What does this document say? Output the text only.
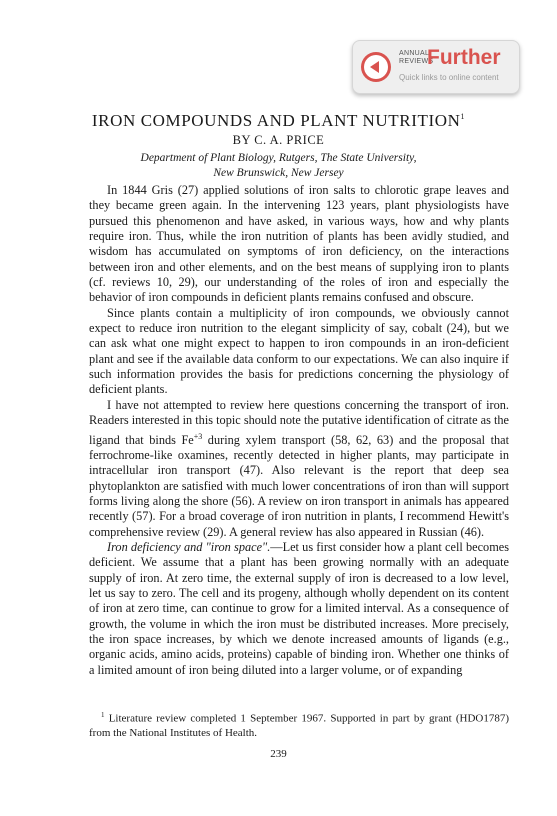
ANNUAL
REVIEWS
Further
Quick links to online content
IRON COMPOUNDS AND PLANT NUTRITION$^1$
BY C. A. PRICE
Department of Plant Biology, Rutgers, The State University,
New Brunswick, New Jersey

In 1844 Gris (27) applied solutions of iron salts to chlorotic grape leaves and they became green again. In the intervening 123 years, plant physiologists have pursued this phenomenon and have asked, in various ways, how and why plants require iron. Thus, while the iron nutrition of plants has been avidly studied, and wisdom has accumulated on symptoms of iron deficiency, on the interactions between iron and other elements, and on the best means of supplying iron to plants (cf. reviews 10, 29), our understanding of the roles of iron and especially the behavior of iron compounds in deficient plants remains confused and obscure.

Since plants contain a multiplicity of iron compounds, we obviously cannot expect to reduce iron nutrition to the elegant simplicity of say, cobalt (24), but we can ask what one might expect to happen to iron compounds in an iron-deficient plant and see if the available data conform to our expectations. We can also inquire if such information provides the basis for predictions concerning the physiology of deficient plants.

I have not attempted to review here questions concerning the transport of iron. Readers interested in this topic should note the putative identification of citrate as the ligand that binds $Fe^{+3}$ during xylem transport (58, 62, 63) and the proposal that ferrochrome-like oxamines, recently detected in higher plants, may participate in intracellular iron transport (47). Also relevant is the report that deep sea phytoplankton are satisfied with much lower concentrations of iron than will support forms living along the shore (56). A review on iron transport in animals has appeared recently (57). For a broad coverage of iron nutrition in plants, I recommend Hewitt's comprehensive review (29). A general review has also appeared in Russian (46).

Iron deficiency and "iron space".—Let us first consider how a plant cell becomes deficient. We assume that a plant has been growing normally with an adequate supply of iron. At zero time, the external supply of iron is decreased to a low level, let us say to zero. The cell and its progeny, although wholly dependent on its content of iron at zero time, can continue to grow for a limited interval. As a consequence of growth, the volume in which the iron must be distributed increases. More precisely, the iron space increases, by which we denote increased amounts of ligands (e.g., organic acids, amino acids, proteins) capable of binding iron. Whether one thinks of a limited amount of iron being diluted into a larger volume, or of expanding

$^1$ Literature review completed 1 September 1967. Supported in part by grant (HDO1787) from the National Institutes of Health.
239
